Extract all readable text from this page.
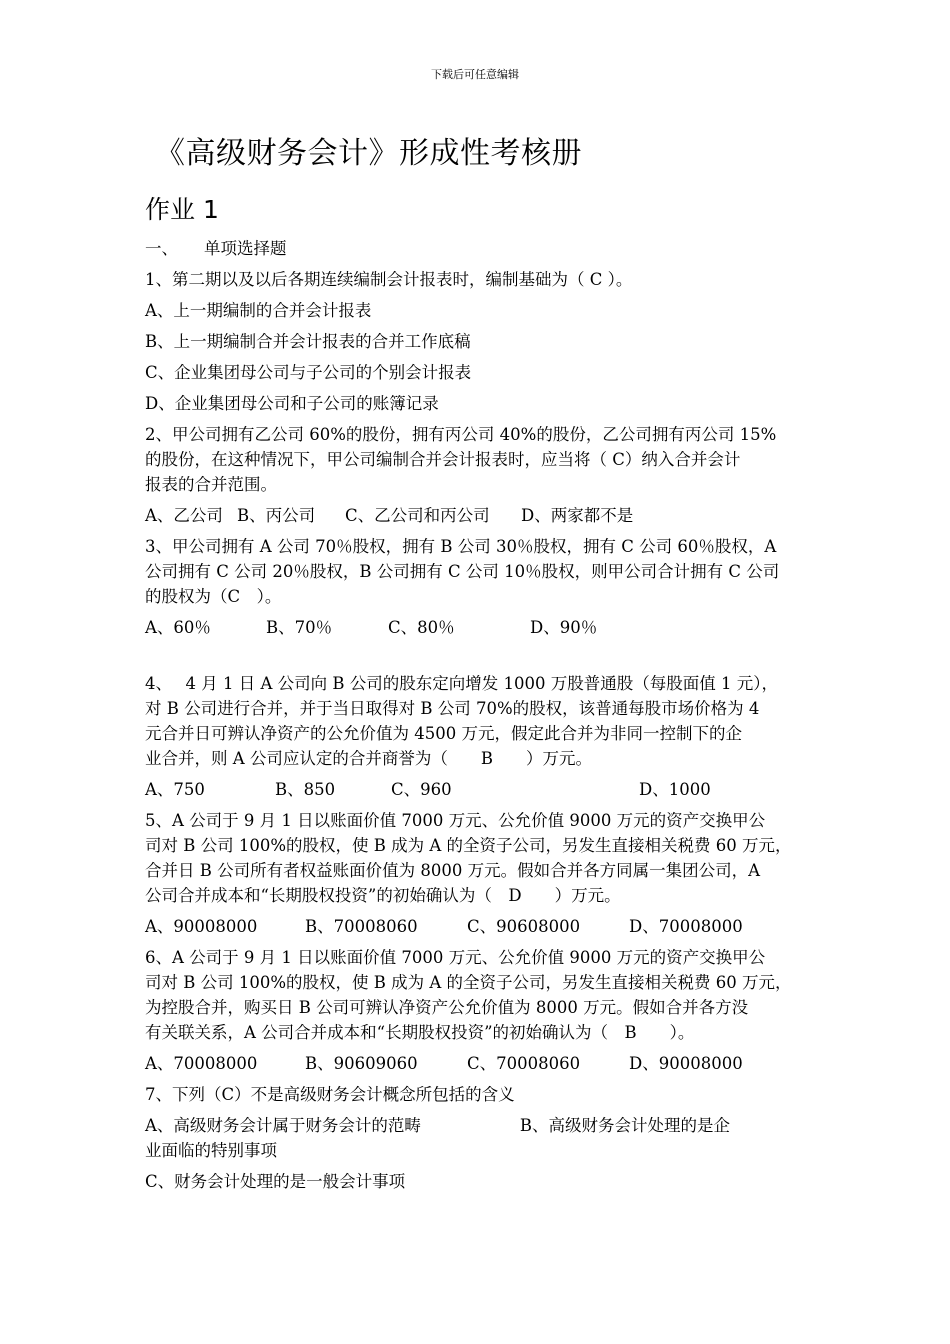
下载后可任意编辑
《高级财务会计》形成性考核册
作业 1
一、 单项选择题
1、第二期以及以后各期连续编制会计报表时，编制基础为（ C ）。
A、上一期编制的合并会计报表
B、上一期编制合并会计报表的合并工作底稿
C、企业集团母公司与子公司的个别会计报表
D、企业集团母公司和子公司的账簿记录
2、甲公司拥有乙公司 60%的股份，拥有丙公司 40%的股份，乙公司拥有丙公司 15%
的股份，在这种情况下，甲公司编制合并会计报表时，应当将（ C）纳入合并会计
报表的合并范围。
A、乙公司 B、丙公司	C、乙公司和丙公司	D、两家都不是
3、甲公司拥有 A 公司 70％股权，拥有 B 公司 30％股权，拥有 C 公司 60％股权，A
公司拥有 C 公司 20％股权，B 公司拥有 C 公司 10％股权，则甲公司合计拥有 C 公司
的股权为（C　）。
A、60％	B、70％	C、80％	D、90％
4、　 4 月 1 日 A 公司向 B 公司的股东定向增发 1000 万股普通股（每股面值 1 元），
对 B 公司进行合并，并于当日取得对 B 公司 70%的股权，该普通每股市场价格为 4
元合并日可辨认净资产的公允价值为 4500 万元，假定此合并为非同一控制下的企
业合并，则 A 公司应认定的合并商誉为（　　B　　）万元。
A、750	B、850	C、960	D、1000
5、A 公司于 9 月 1 日以账面价值 7000 万元、公允价值 9000 万元的资产交换甲公
司对 B 公司 100%的股权，使 B 成为 A 的全资子公司，另发生直接相关税费 60 万元，
合并日 B 公司所有者权益账面价值为 8000 万元。假如合并各方同属一集团公司，A
公司合并成本和“长期股权投资”的初始确认为（　D　　）万元。
A、90008000	B、70008060	C、90608000	D、70008000
6、A 公司于 9 月 1 日以账面价值 7000 万元、公允价值 9000 万元的资产交换甲公
司对 B 公司 100%的股权，使 B 成为 A 的全资子公司，另发生直接相关税费 60 万元，
为控股合并，购买日 B 公司可辨认净资产公允价值为 8000 万元。假如合并各方没
有关联关系，A 公司合并成本和“长期股权投资”的初始确认为（　B　　）。
A、70008000	B、90609060	C、70008060	D、90008000
7、下列（C）不是高级财务会计概念所包括的含义
A、高级财务会计属于财务会计的范畴　　　　　　B、高级财务会计处理的是企
业面临的特别事项
C、财务会计处理的是一般会计事项
